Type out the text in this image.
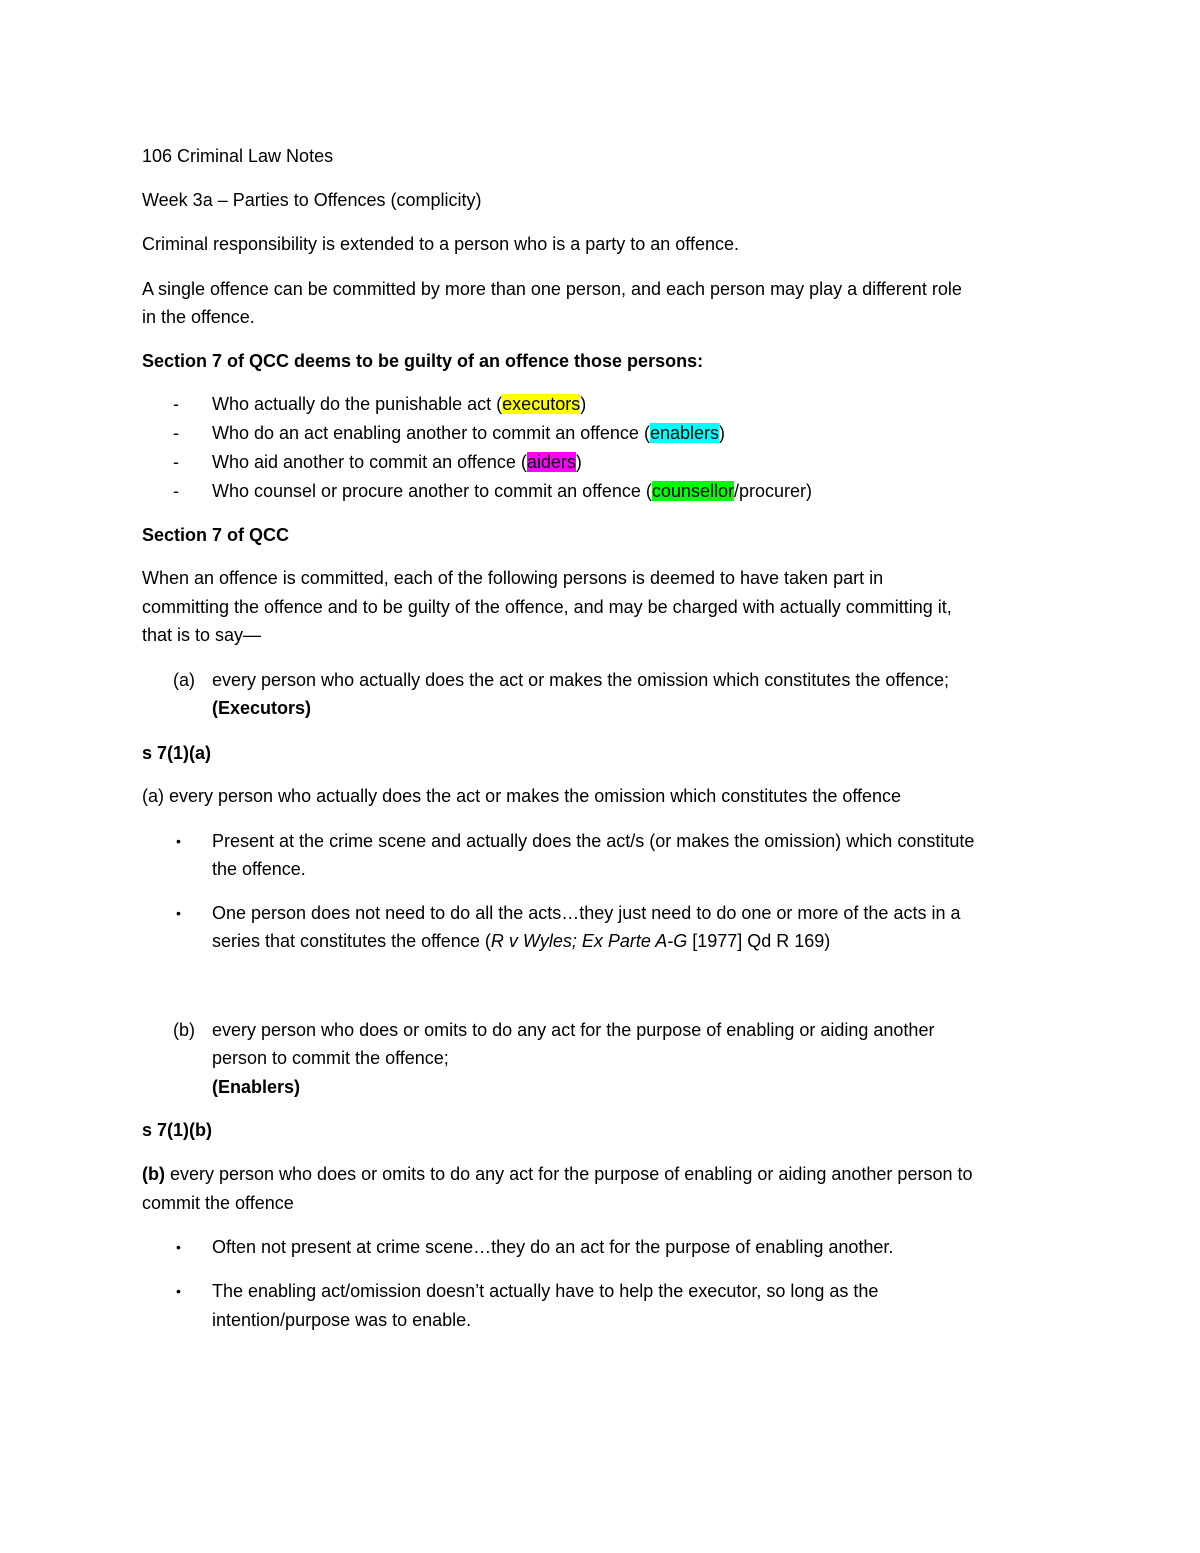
106 Criminal Law Notes
Week 3a – Parties to Offences (complicity)
Criminal responsibility is extended to a person who is a party to an offence.
A single offence can be committed by more than one person, and each person may play a different role
in the offence.
Section 7 of QCC deems to be guilty of an offence those persons:
- Who actually do the punishable act (executors)
- Who do an act enabling another to commit an offence (enablers)
- Who aid another to commit an offence (aiders)
- Who counsel or procure another to commit an offence (counsellor/procurer)
Section 7 of QCC
When an offence is committed, each of the following persons is deemed to have taken part in
committing the offence and to be guilty of the offence, and may be charged with actually committing it,
that is to say—
(a) every person who actually does the act or makes the omission which constitutes the offence;
(Executors)
s 7(1)(a)
(a) every person who actually does the act or makes the omission which constitutes the offence
• Present at the crime scene and actually does the act/s (or makes the omission) which constitute
the offence.
• One person does not need to do all the acts…they just need to do one or more of the acts in a
series that constitutes the offence (R v Wyles; Ex Parte A-G [1977] Qd R 169)
(b) every person who does or omits to do any act for the purpose of enabling or aiding another
person to commit the offence;
(Enablers)
s 7(1)(b)
(b) every person who does or omits to do any act for the purpose of enabling or aiding another person to
commit the offence
• Often not present at crime scene…they do an act for the purpose of enabling another.
• The enabling act/omission doesn’t actually have to help the executor, so long as the
intention/purpose was to enable.
